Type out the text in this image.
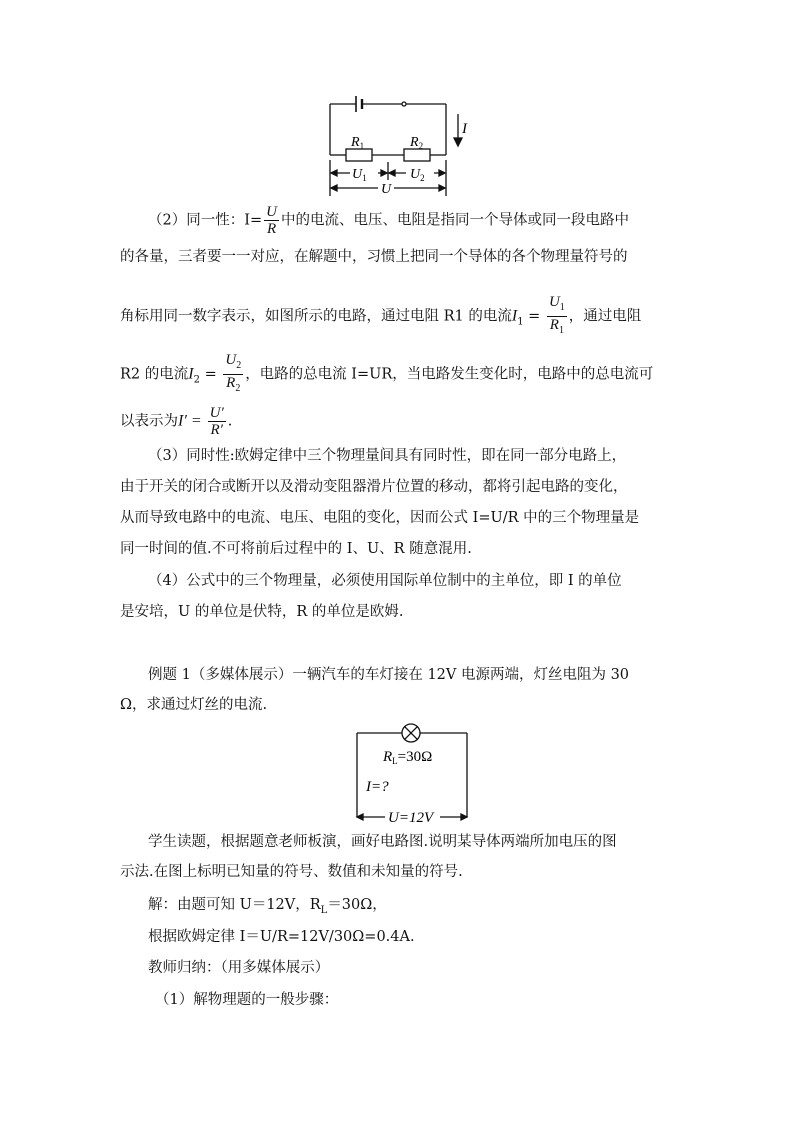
I
$R_1$	$R_2$
$U_1$	$U_2$
U
（2）同一性：$I= \frac{U}{R}$ 中的电流、电压、电阻是指同一个导体或同一段电路中
的各量，三者要一一对应，在解题中，习惯上把同一个导体的各个物理量符号的
角标用同一数字表示，如图所示的电路，通过电阻 R1 的电流$I_1 = \frac{U_1}{R_1}$ ，通过电阻
R2 的电流$I_2 = \frac{U_2}{R_2}$ ，电路的总电流 I=UR，当电路发生变化时，电路中的总电流可
以表示为$I' = \frac{U'}{R'}$ .
（3）同时性:欧姆定律中三个物理量间具有同时性，即在同一部分电路上，
由于开关的闭合或断开以及滑动变阻器滑片位置的移动，都将引起电路的变化，
从而导致电路中的电流、电压、电阻的变化，因而公式 I=U/R 中的三个物理量是
同一时间的值.不可将前后过程中的 I、U、R 随意混用.
（4）公式中的三个物理量，必须使用国际单位制中的主单位，即 I 的单位
是安培，U 的单位是伏特，R 的单位是欧姆.
例题 1（多媒体展示）一辆汽车的车灯接在 12V 电源两端，灯丝电阻为 30
Ω，求通过灯丝的电流.
$R_L=30\Omega$
I=?
U=12V
学生读题，根据题意老师板演，画好电路图.说明某导体两端所加电压的图
示法.在图上标明已知量的符号、数值和未知量的符号.
解：由题可知 U＝12V，$R_L=30\Omega$，
根据欧姆定律 I＝U/R=12V/30Ω=0.4A.
教师归纳：（用多媒体展示）
（1）解物理题的一般步骤：
